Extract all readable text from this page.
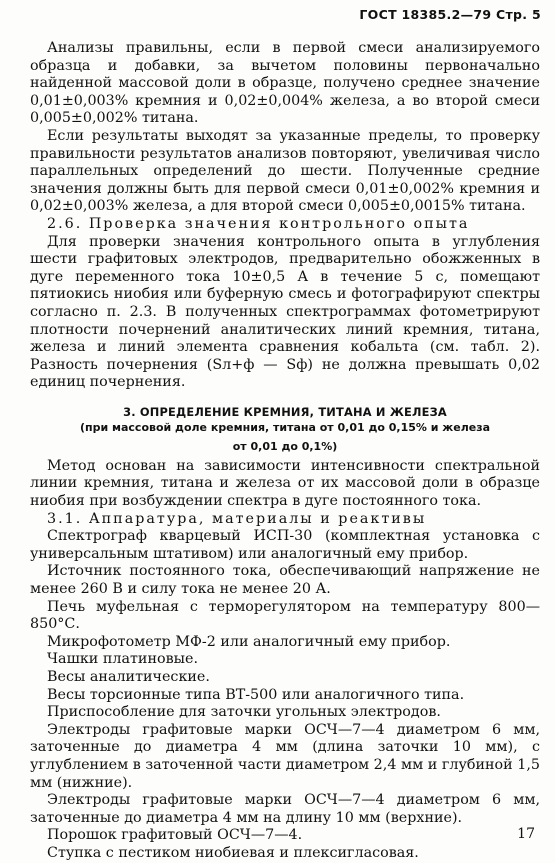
ГОСТ 18385.2—79 Стр. 5

Анализы правильны, если в первой смеси анализируемого образца и добавки, за вычетом половины первоначально найденной массовой доли в образце, получено среднее значение 0,01±0,003% кремния и 0,02±0,004% железа, а во второй смеси 0,005±0,002% титана.

Если результаты выходят за указанные пределы, то проверку правильности результатов анализов повторяют, увеличивая число параллельных определений до шести. Полученные средние значения должны быть для первой смеси 0,01±0,002% кремния и 0,02±0,003% железа, а для второй смеси 0,005±0,0015% титана.

2.6. Проверка значения контрольного опыта

Для проверки значения контрольного опыта в углубления шести графитовых электродов, предварительно обожженных в дуге переменного тока 10±0,5 А в течение 5 с, помещают пятиокись ниобия или буферную смесь и фотографируют спектры согласно п. 2.3. В полученных спектрограммах фотометрируют плотности почернений аналитических линий кремния, титана, железа и линий элемента сравнения кобальта (см. табл. 2). Разность почернения (Sл+ф — Sф) не должна превышать 0,02 единиц почернения.

3. ОПРЕДЕЛЕНИЕ КРЕМНИЯ, ТИТАНА И ЖЕЛЕЗА

(при массовой доле кремния, титана от 0,01 до 0,15% и железа

от 0,01 до 0,1%)

Метод основан на зависимости интенсивности спектральной линии кремния, титана и железа от их массовой доли в образце ниобия при возбуждении спектра в дуге постоянного тока.

3.1. Аппаратура, материалы и реактивы

Спектрограф кварцевый ИСП-30 (комплектная установка с универсальным штативом) или аналогичный ему прибор.

Источник постоянного тока, обеспечивающий напряжение не менее 260 В и силу тока не менее 20 А.

Печь муфельная с терморегулятором на температуру 800—850°С.

Микрофотометр МФ-2 или аналогичный ему прибор.

Чашки платиновые.

Весы аналитические.

Весы торсионные типа ВТ-500 или аналогичного типа.

Приспособление для заточки угольных электродов.

Электроды графитовые марки ОСЧ—7—4 диаметром 6 мм, заточенные до диаметра 4 мм (длина заточки 10 мм), с углублением в заточенной части диаметром 2,4 мм и глубиной 1,5 мм (нижние).

Электроды графитовые марки ОСЧ—7—4 диаметром 6 мм, заточенные до диаметра 4 мм на длину 10 мм (верхние).

Порошок графитовый ОСЧ—7—4.

Ступка с пестиком ниобиевая и плексигласовая.

17
